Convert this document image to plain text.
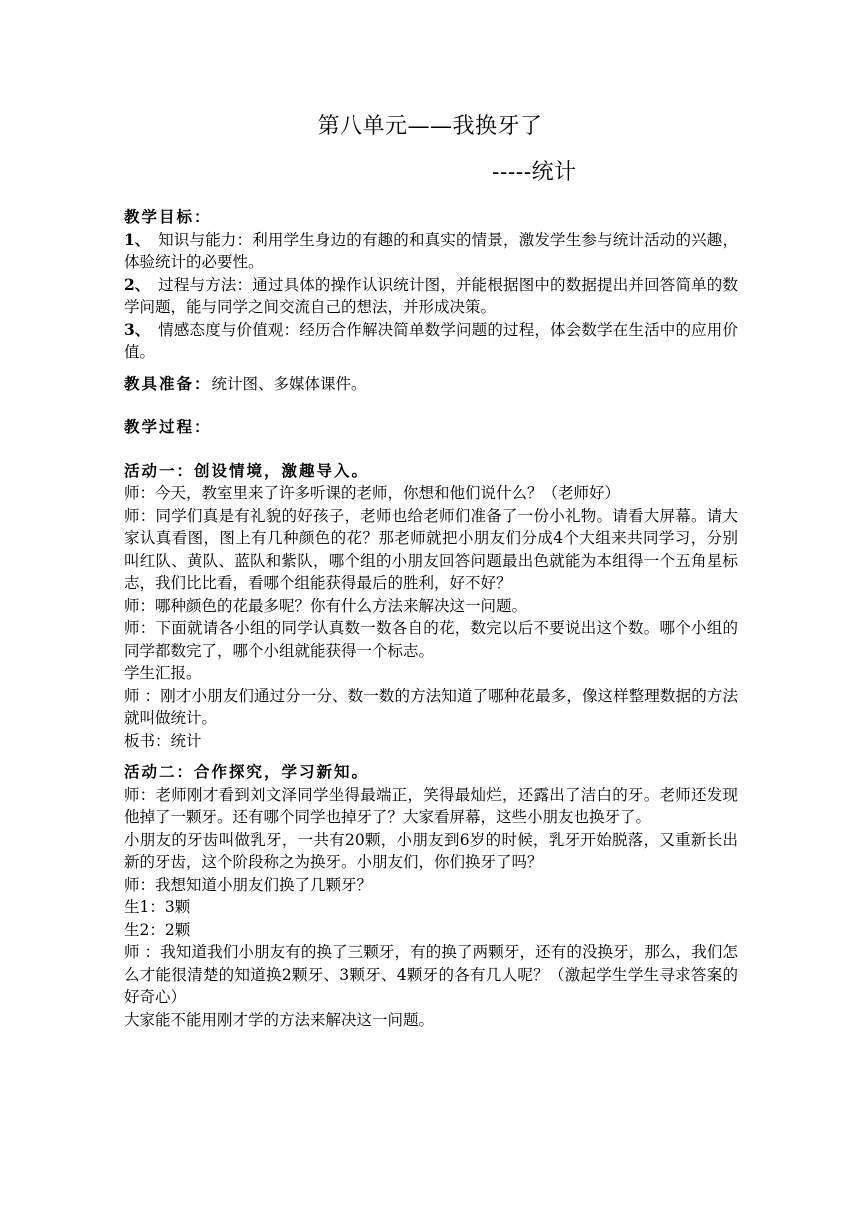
第八单元——我换牙了
-----统计

教学目标：

1、 知识与能力：利用学生身边的有趣的和真实的情景，激发学生参与统计活动的兴趣，体验统计的必要性。

2、 过程与方法：通过具体的操作认识统计图，并能根据图中的数据提出并回答简单的数学问题，能与同学之间交流自己的想法，并形成决策。

3、 情感态度与价值观：经历合作解决简单数学问题的过程，体会数学在生活中的应用价值。

教具准备：统计图、多媒体课件。

教学过程：

活动一：创设情境，激趣导入。

师：今天，教室里来了许多听课的老师，你想和他们说什么？（老师好）

师：同学们真是有礼貌的好孩子，老师也给老师们准备了一份小礼物。请看大屏幕。请大家认真看图，图上有几种颜色的花？那老师就把小朋友们分成4个大组来共同学习，分别叫红队、黄队、蓝队和紫队，哪个组的小朋友回答问题最出色就能为本组得一个五角星标志，我们比比看，看哪个组能获得最后的胜利，好不好？

师：哪种颜色的花最多呢？你有什么方法来解决这一问题。

师：下面就请各小组的同学认真数一数各自的花，数完以后不要说出这个数。哪个小组的同学都数完了，哪个小组就能获得一个标志。

学生汇报。

师 ：刚才小朋友们通过分一分、数一数的方法知道了哪种花最多，像这样整理数据的方法就叫做统计。

板书：统计

活动二：合作探究，学习新知。

师：老师刚才看到刘文泽同学坐得最端正，笑得最灿烂，还露出了洁白的牙。老师还发现他掉了一颗牙。还有哪个同学也掉牙了？大家看屏幕，这些小朋友也换牙了。

小朋友的牙齿叫做乳牙，一共有20颗，小朋友到6岁的时候，乳牙开始脱落，又重新长出新的牙齿，这个阶段称之为换牙。小朋友们，你们换牙了吗？

师：我想知道小朋友们换了几颗牙？

生1：3颗

生2：2颗

师 ：我知道我们小朋友有的换了三颗牙，有的换了两颗牙，还有的没换牙，那么，我们怎么才能很清楚的知道换2颗牙、3颗牙、4颗牙的各有几人呢？（激起学生学生寻求答案的好奇心）

大家能不能用刚才学的方法来解决这一问题。
